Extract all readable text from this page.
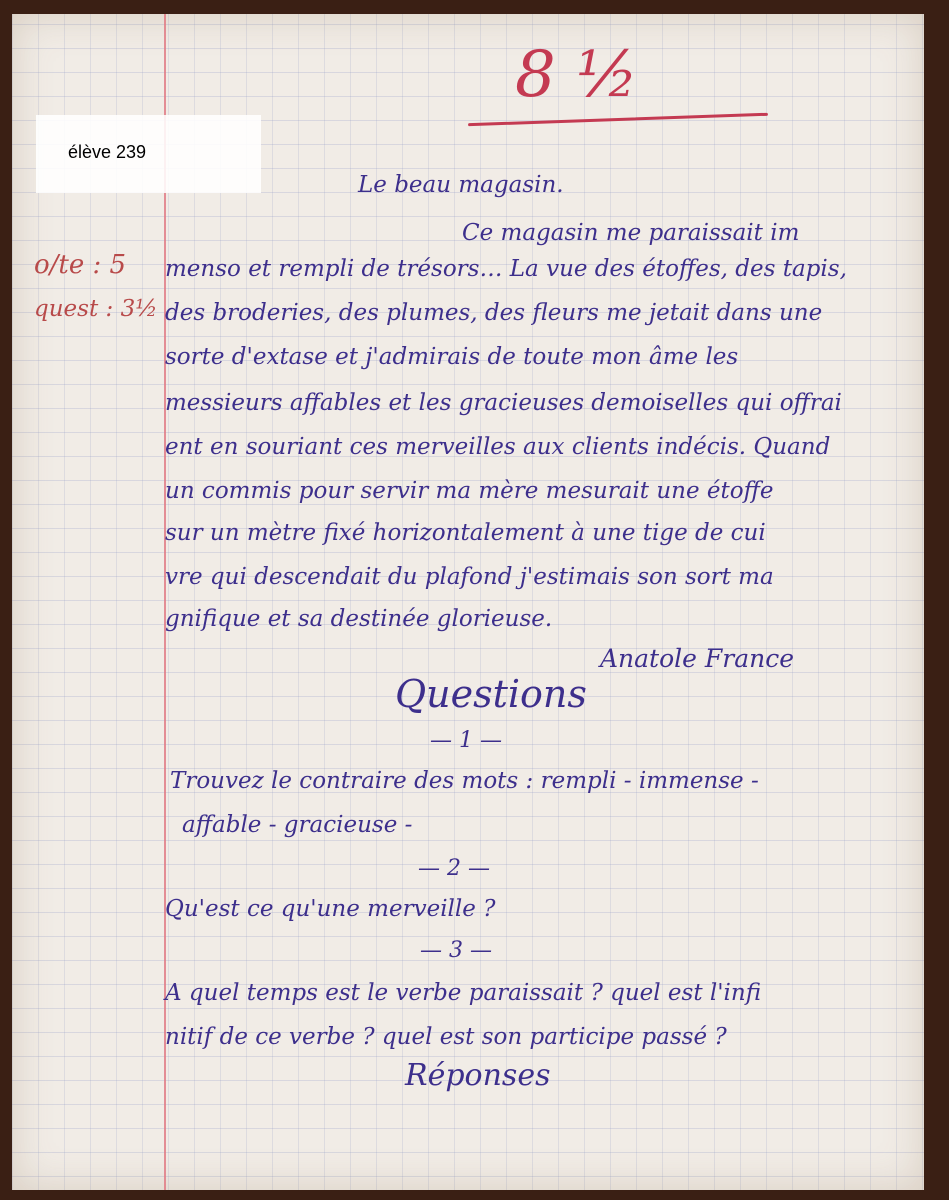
8 ½
élève 239
o/te : 5
quest : 3½
Le beau magasin.
Ce magasin me paraissait im
menso et rempli de trésors… La vue des étoffes, des tapis,
des broderies, des plumes, des fleurs me jetait dans une
sorte d'extase et j'admirais de toute mon âme les
messieurs affables et les gracieuses demoiselles qui offrai
ent en souriant ces merveilles aux clients indécis. Quand
un commis pour servir ma mère mesurait une étoffe
sur un mètre fixé horizontalement à une tige de cui
vre qui descendait du plafond j'estimais son sort ma
gnifique et sa destinée glorieuse.
Anatole France
Questions
— 1 —
Trouvez le contraire des mots : rempli - immense -
affable - gracieuse -
— 2 —
Qu'est ce qu'une merveille ?
— 3 —
A quel temps est le verbe paraissait ? quel est l'infi
nitif de ce verbe ? quel est son participe passé ?
Réponses
